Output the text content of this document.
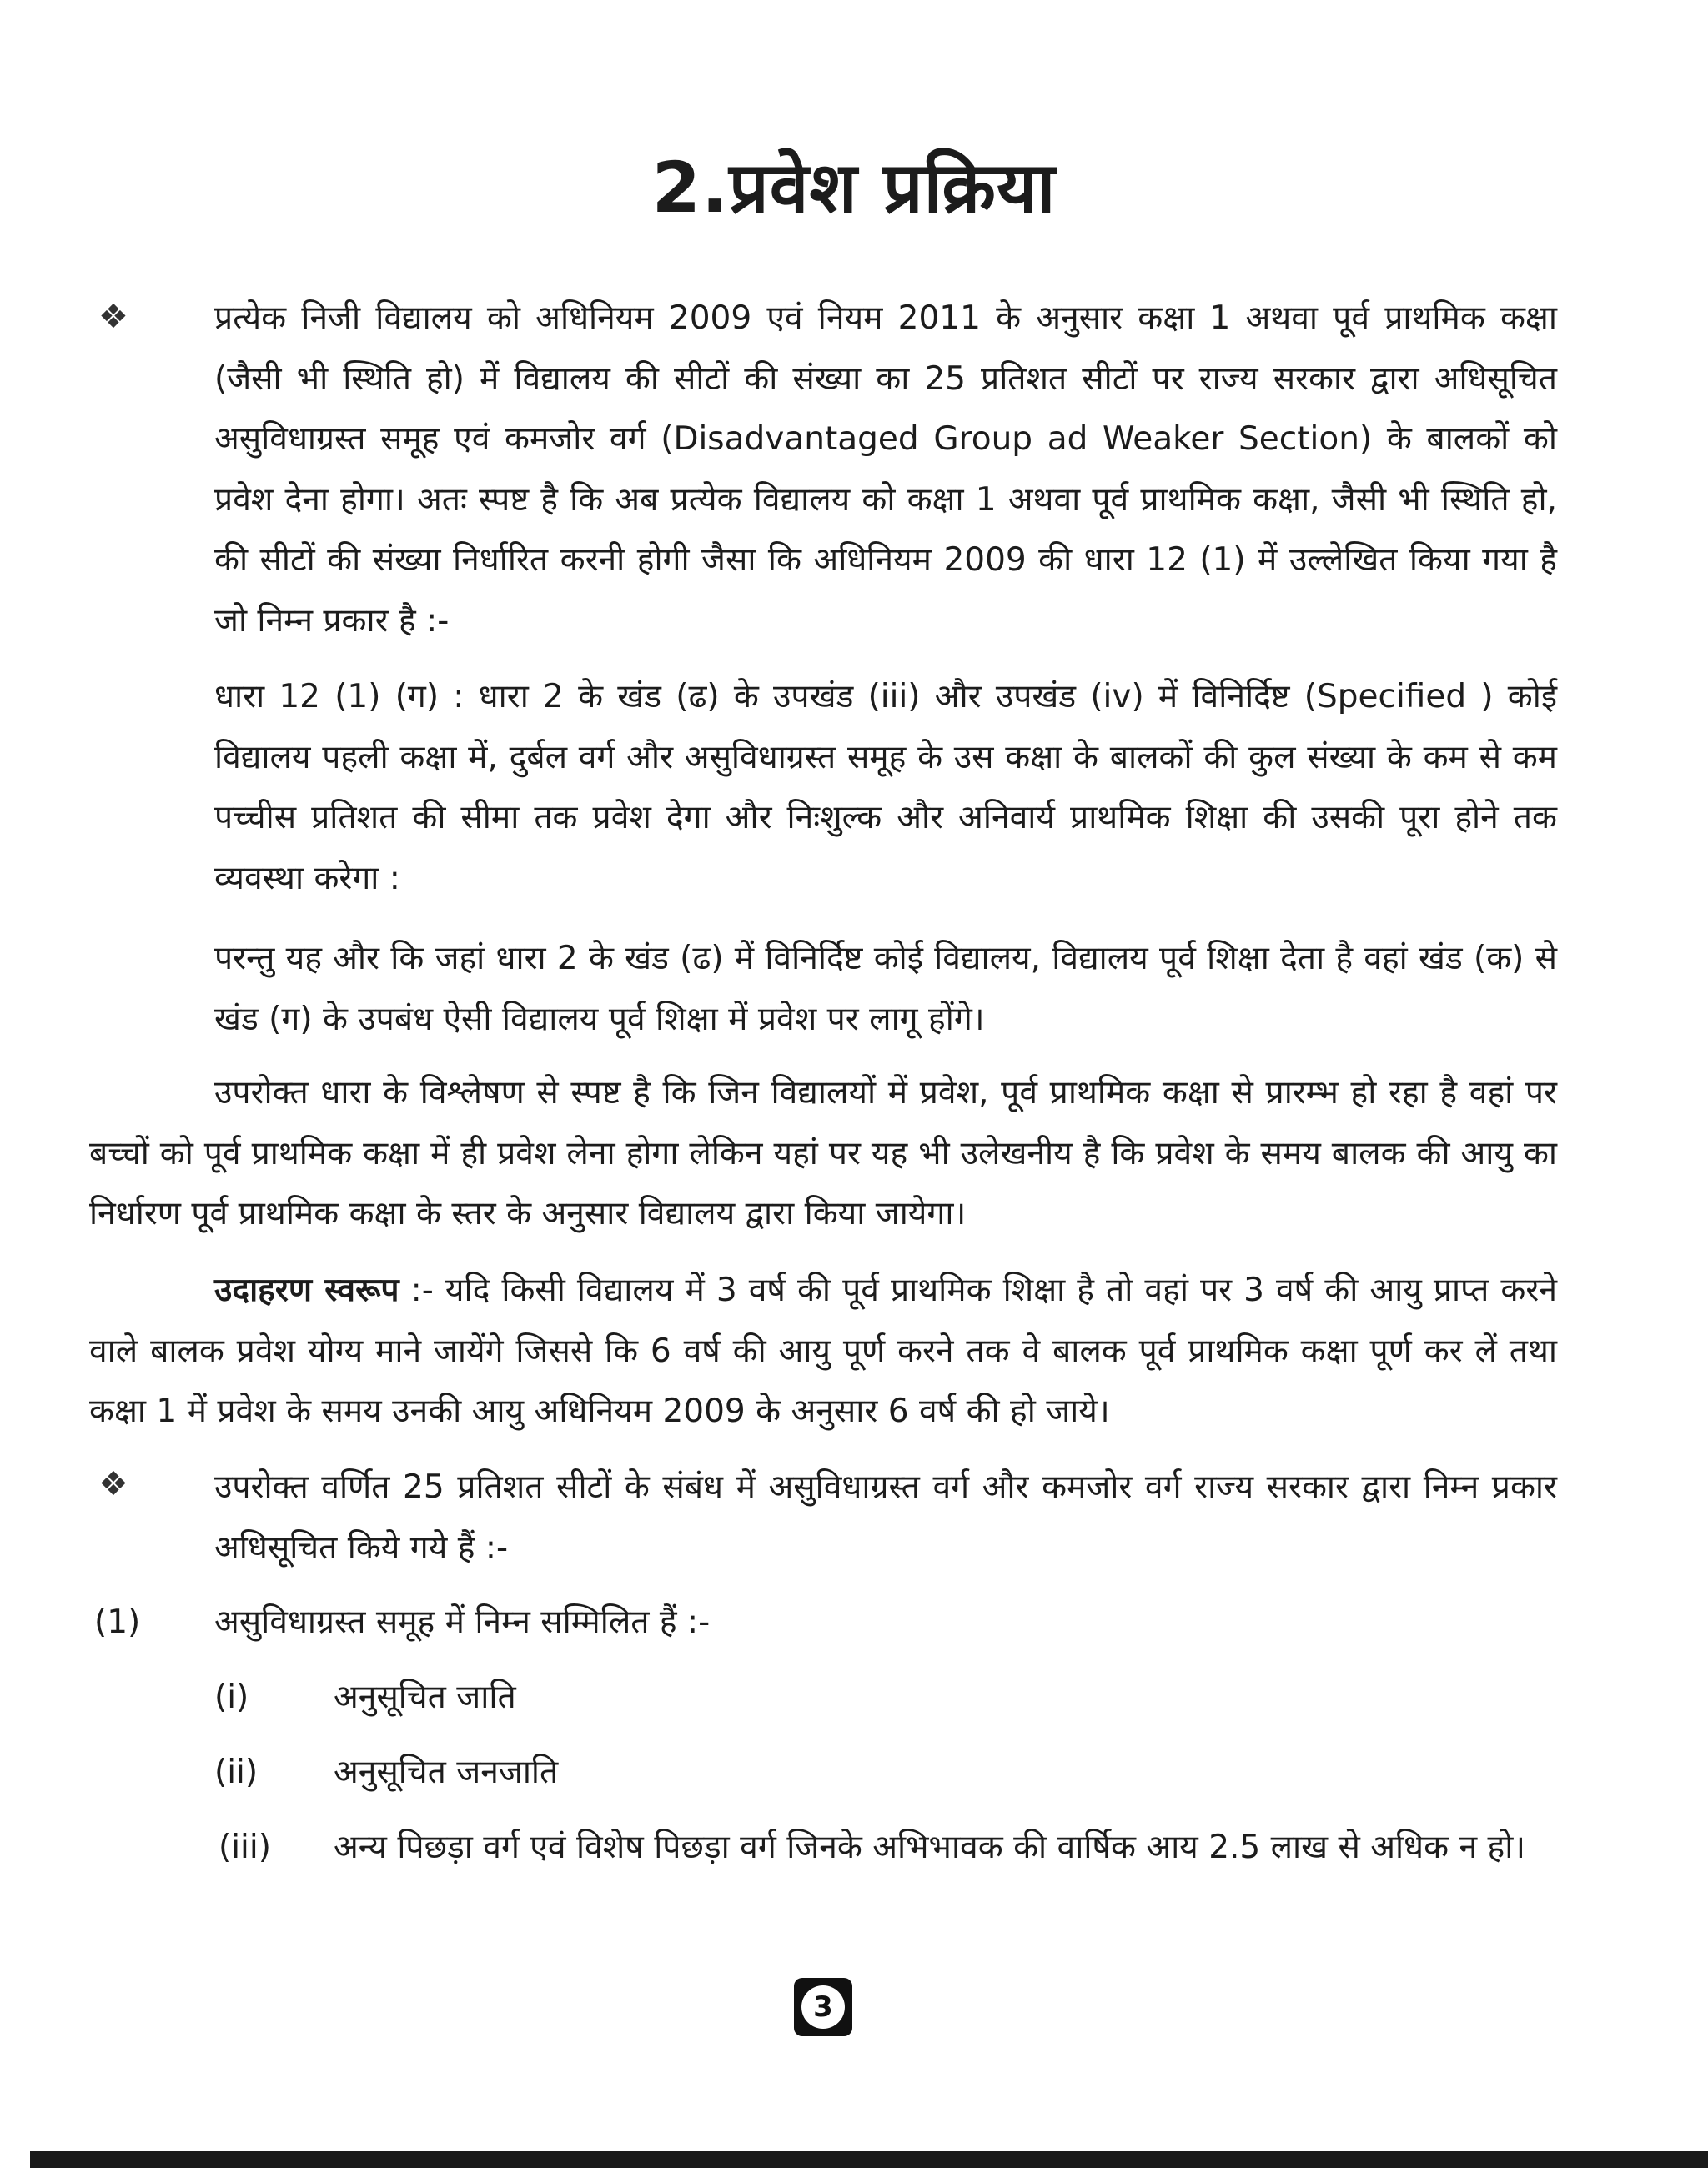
2.प्रवेश प्रक्रिया
❖	प्रत्येक निजी विद्यालय को अधिनियम 2009 एवं नियम 2011 के अनुसार कक्षा 1 अथवा पूर्व प्राथमिक कक्षा (जैसी भी स्थिति हो) में विद्यालय की सीटों की संख्या का 25 प्रतिशत सीटों पर राज्य सरकार द्वारा अधिसूचित असुविधाग्रस्त समूह एवं कमजोर वर्ग (Disadvantaged Group ad Weaker Section) के बालकों को प्रवेश देना होगा। अतः स्पष्ट है कि अब प्रत्येक विद्यालय को कक्षा 1 अथवा पूर्व प्राथमिक कक्षा, जैसी भी स्थिति हो, की सीटों की संख्या निर्धारित करनी होगी जैसा कि अधिनियम 2009 की धारा 12 (1) में उल्लेखित किया गया है जो निम्न प्रकार है :-
धारा 12 (1) (ग) : धारा 2 के खंड (ढ) के उपखंड (iii) और उपखंड (iv) में विनिर्दिष्ट (Specified ) कोई विद्यालय पहली कक्षा में, दुर्बल वर्ग और असुविधाग्रस्त समूह के उस कक्षा के बालकों की कुल संख्या के कम से कम पच्चीस प्रतिशत की सीमा तक प्रवेश देगा और निःशुल्क और अनिवार्य प्राथमिक शिक्षा की उसकी पूरा होने तक व्यवस्था करेगा :
परन्तु यह और कि जहां धारा 2 के खंड (ढ) में विनिर्दिष्ट कोई विद्यालय, विद्यालय पूर्व शिक्षा देता है वहां खंड (क) से खंड (ग) के उपबंध ऐसी विद्यालय पूर्व शिक्षा में प्रवेश पर लागू होंगे।
उपरोक्त धारा के विश्लेषण से स्पष्ट है कि जिन विद्यालयों में प्रवेश, पूर्व प्राथमिक कक्षा से प्रारम्भ हो रहा है वहां पर बच्चों को पूर्व प्राथमिक कक्षा में ही प्रवेश लेना होगा लेकिन यहां पर यह भी उलेखनीय है कि प्रवेश के समय बालक की आयु का निर्धारण पूर्व प्राथमिक कक्षा के स्तर के अनुसार विद्यालय द्वारा किया जायेगा।
उदाहरण स्वरूप :- यदि किसी विद्यालय में 3 वर्ष की पूर्व प्राथमिक शिक्षा है तो वहां पर 3 वर्ष की आयु प्राप्त करने वाले बालक प्रवेश योग्य माने जायेंगे जिससे कि 6 वर्ष की आयु पूर्ण करने तक वे बालक पूर्व प्राथमिक कक्षा पूर्ण कर लें तथा कक्षा 1 में प्रवेश के समय उनकी आयु अधिनियम 2009 के अनुसार 6 वर्ष की हो जाये।
❖	उपरोक्त वर्णित 25 प्रतिशत सीटों के संबंध में असुविधाग्रस्त वर्ग और कमजोर वर्ग राज्य सरकार द्वारा निम्न प्रकार अधिसूचित किये गये हैं :-
(1) असुविधाग्रस्त समूह में निम्न सम्मिलित हैं :-
(i)	अनुसूचित जाति
(ii) अनुसूचित जनजाति
(iii) अन्य पिछड़ा वर्ग एवं विशेष पिछड़ा वर्ग जिनके अभिभावक की वार्षिक आय 2.5 लाख से अधिक न हो।
3
